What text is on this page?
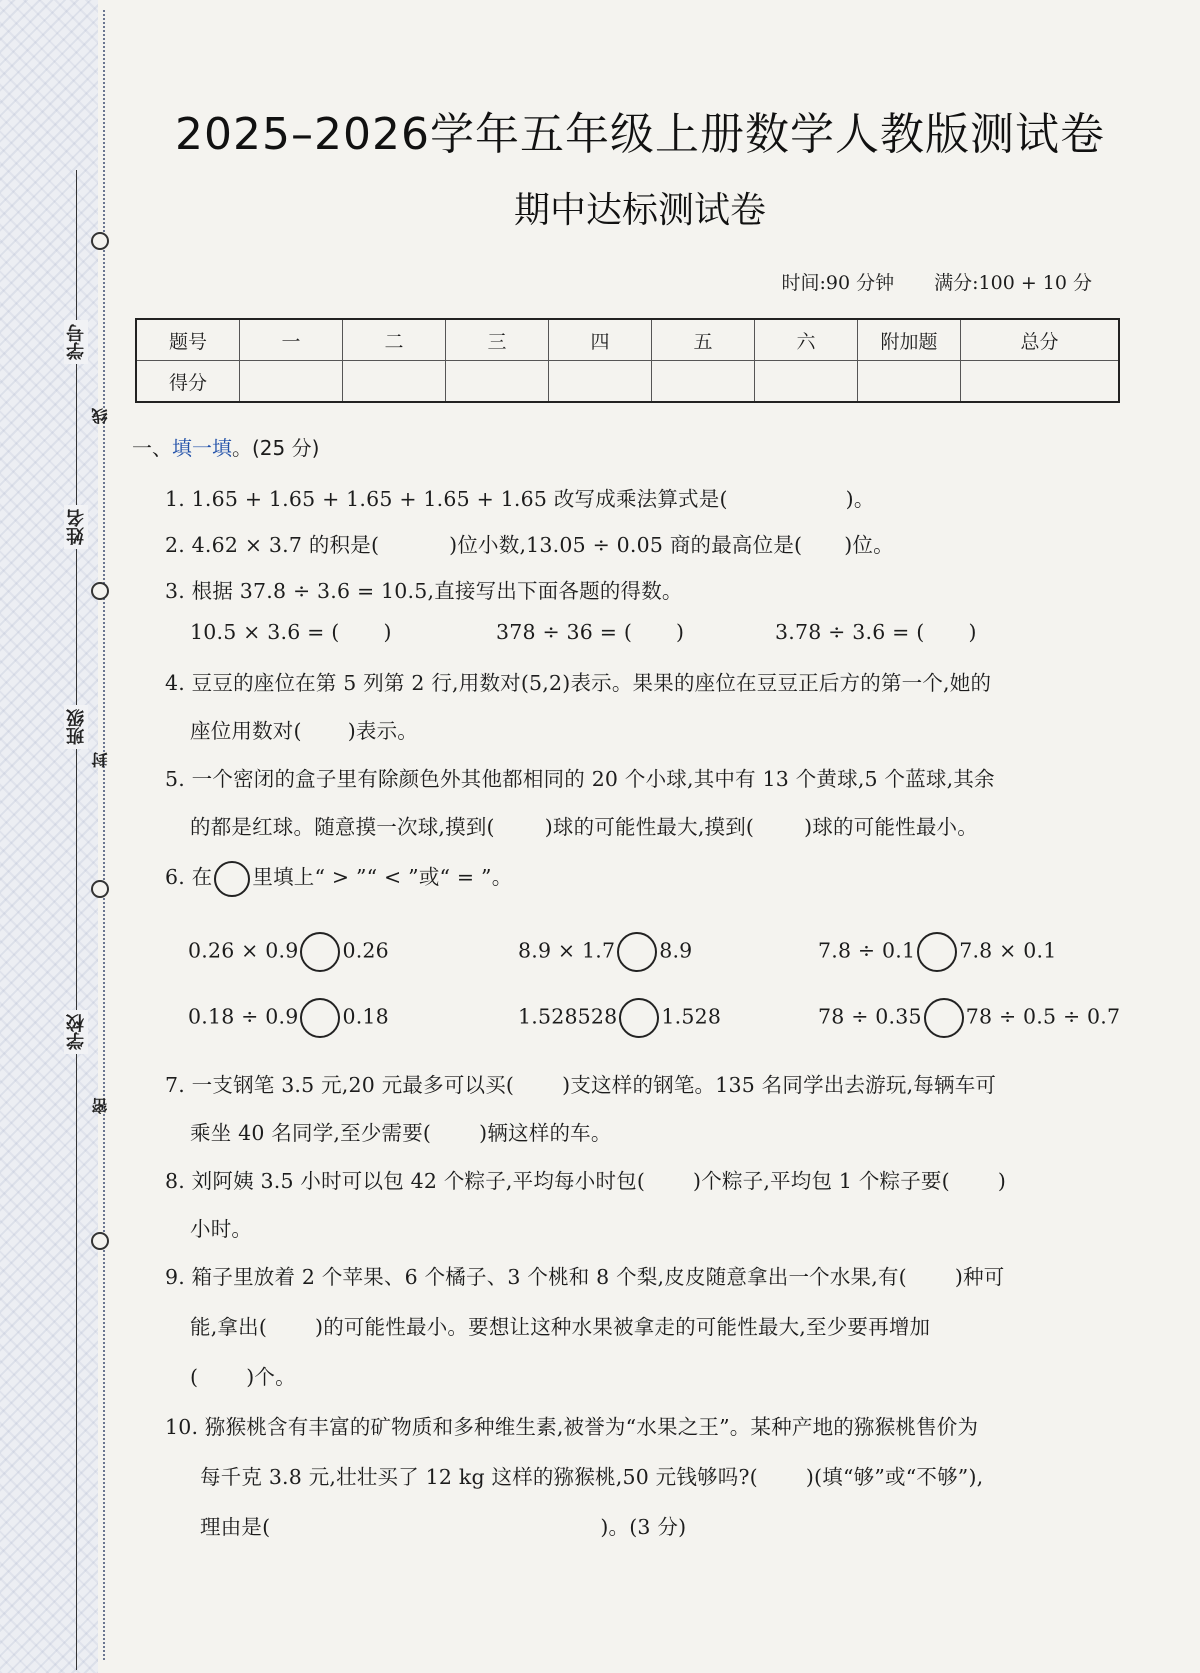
学号
姓名
班级
学校
线
封
密
2025–2026学年五年级上册数学人教版测试卷
期中达标测试卷
时间:90 分钟 满分:100 + 10 分
题号	一	二	三	四	五	六	附加题	总分
得分								
一、填一填。(25 分)
1. 1.65 + 1.65 + 1.65 + 1.65 + 1.65 改写成乘法算式是(	)。
2. 4.62 × 3.7 的积是(	)位小数,13.05 ÷ 0.05 商的最高位是( )位。
3. 根据 37.8 ÷ 3.6 = 10.5,直接写出下面各题的得数。
10.5 × 3.6 = ( )	378 ÷ 36 = ( )	3.78 ÷ 3.6 = ( )
4. 豆豆的座位在第 5 列第 2 行,用数对(5,2)表示。果果的座位在豆豆正后方的第一个,她的
座位用数对( )表示。
5. 一个密闭的盒子里有除颜色外其他都相同的 20 个小球,其中有 13 个黄球,5 个蓝球,其余
的都是红球。随意摸一次球,摸到( )球的可能性最大,摸到( )球的可能性最小。
6. 在 里填上“ > ”“ < ”或“ = ”。
0.26 × 0.9 0.26	8.9 × 1.7 8.9	7.8 ÷ 0.1 7.8 × 0.1
0.18 ÷ 0.9 0.18	1.528528 1.528	78 ÷ 0.35 78 ÷ 0.5 ÷ 0.7
7. 一支钢笔 3.5 元,20 元最多可以买( )支这样的钢笔。135 名同学出去游玩,每辆车可
乘坐 40 名同学,至少需要( )辆这样的车。
8. 刘阿姨 3.5 小时可以包 42 个粽子,平均每小时包( )个粽子,平均包 1 个粽子要( )
小时。
9. 箱子里放着 2 个苹果、6 个橘子、3 个桃和 8 个梨,皮皮随意拿出一个水果,有( )种可
能,拿出( )的可能性最小。要想让这种水果被拿走的可能性最大,至少要再增加
( )个。
10. 猕猴桃含有丰富的矿物质和多种维生素,被誉为“水果之王”。某种产地的猕猴桃售价为
每千克 3.8 元,壮壮买了 12 kg 这样的猕猴桃,50 元钱够吗?( )(填“够”或“不够”),
理由是(	)。(3 分)
